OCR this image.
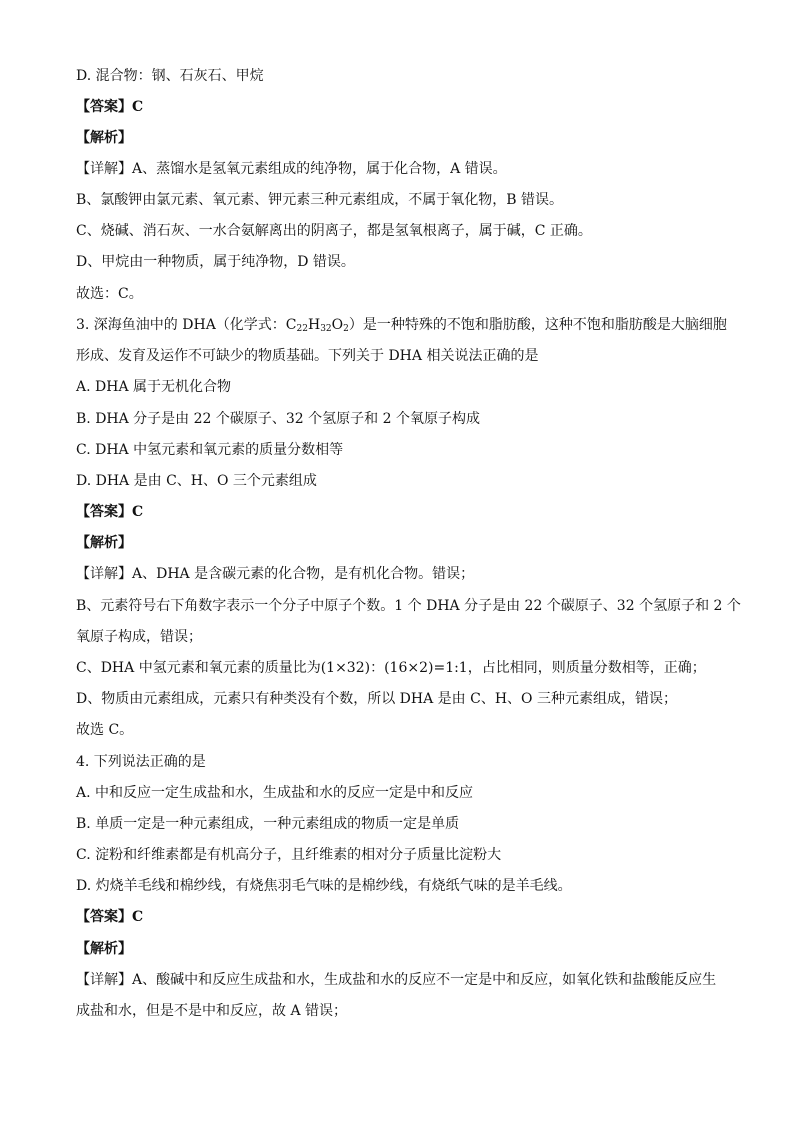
D. 混合物：钢、石灰石、甲烷
【答案】C
【解析】
【详解】A、蒸馏水是氢氧元素组成的纯净物，属于化合物，A 错误。
B、氯酸钾由氯元素、氧元素、钾元素三种元素组成，不属于氧化物，B 错误。
C、烧碱、消石灰、一水合氨解离出的阴离子，都是氢氧根离子，属于碱，C 正确。
D、甲烷由一种物质，属于纯净物，D 错误。
故选：C。
3. 深海鱼油中的 DHA（化学式：$C_{22}H_{32}O_2$）是一种特殊的不饱和脂肪酸，这种不饱和脂肪酸是大脑细胞
形成、发育及运作不可缺少的物质基础。下列关于 DHA 相关说法正确的是
A. DHA 属于无机化合物
B. DHA 分子是由 22 个碳原子、32 个氢原子和 2 个氧原子构成
C. DHA 中氢元素和氧元素的质量分数相等
D. DHA 是由 C、H、O 三个元素组成
【答案】C
【解析】
【详解】A、DHA 是含碳元素的化合物，是有机化合物。错误；
B、元素符号右下角数字表示一个分子中原子个数。1 个 DHA 分子是由 22 个碳原子、32 个氢原子和 2 个
氧原子构成，错误；
C、DHA 中氢元素和氧元素的质量比为(1×32)：(16×2)=1:1，占比相同，则质量分数相等，正确；
D、物质由元素组成，元素只有种类没有个数，所以 DHA 是由 C、H、O 三种元素组成，错误；
故选 C。
4. 下列说法正确的是
A. 中和反应一定生成盐和水，生成盐和水的反应一定是中和反应
B. 单质一定是一种元素组成，一种元素组成的物质一定是单质
C. 淀粉和纤维素都是有机高分子，且纤维素的相对分子质量比淀粉大
D. 灼烧羊毛线和棉纱线，有烧焦羽毛气味的是棉纱线，有烧纸气味的是羊毛线。
【答案】C
【解析】
【详解】A、酸碱中和反应生成盐和水，生成盐和水的反应不一定是中和反应，如氧化铁和盐酸能反应生
成盐和水，但是不是中和反应，故 A 错误；
